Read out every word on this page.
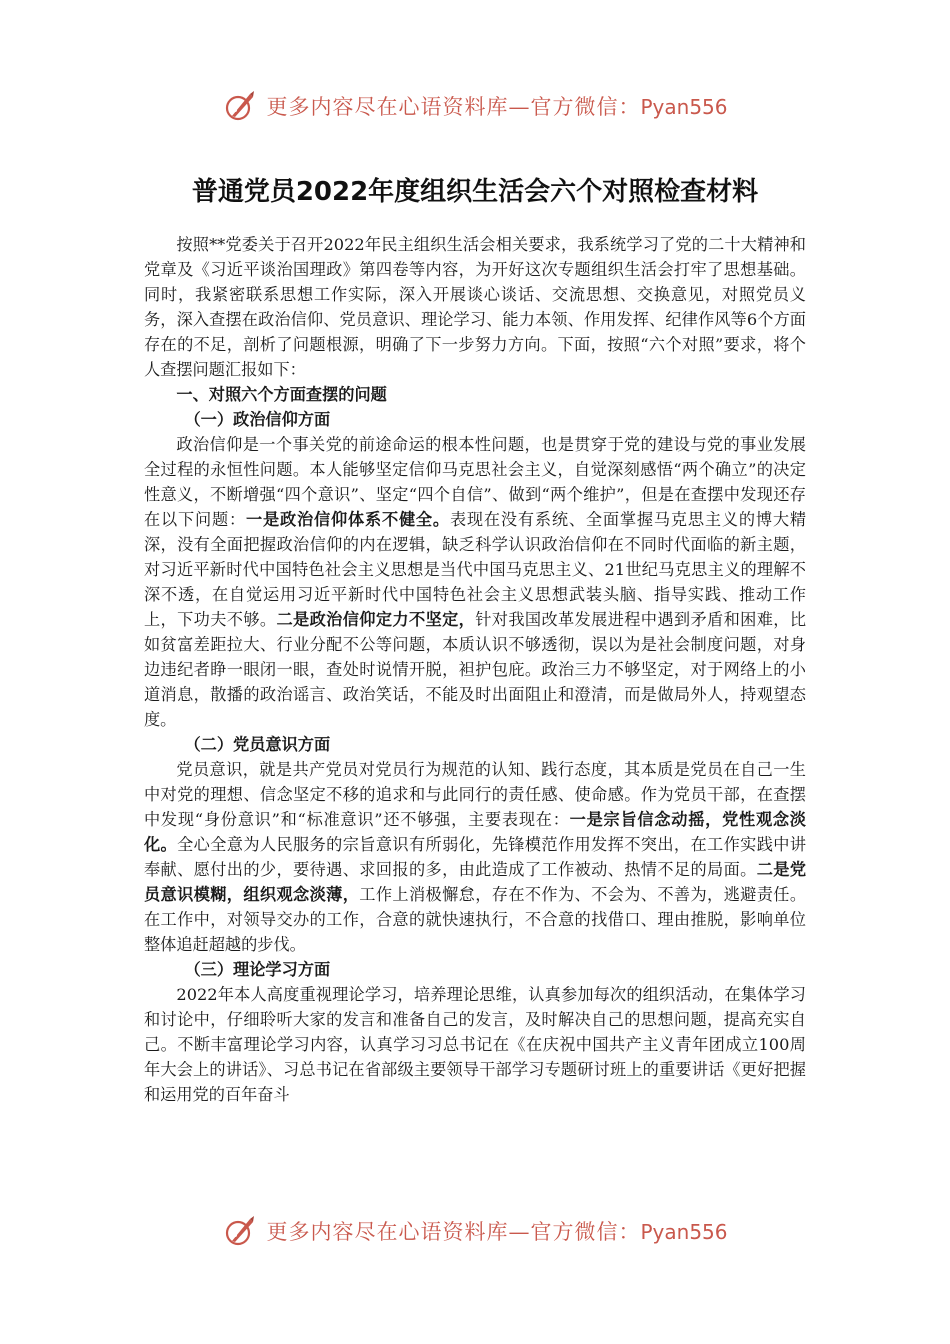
更多内容尽在心语资料库—官方微信：Pyan556
普通党员2022年度组织生活会六个对照检查材料

按照**党委关于召开2022年民主组织生活会相关要求，我系统学习了党的二十大精神和党章及《习近平谈治国理政》第四卷等内容，为开好这次专题组织生活会打牢了思想基础。同时，我紧密联系思想工作实际，深入开展谈心谈话、交流思想、交换意见，对照党员义务，深入查摆在政治信仰、党员意识、理论学习、能力本领、作用发挥、纪律作风等6个方面存在的不足，剖析了问题根源，明确了下一步努力方向。下面，按照“六个对照”要求，将个人查摆问题汇报如下：

一、对照六个方面查摆的问题
（一）政治信仰方面

政治信仰是一个事关党的前途命运的根本性问题，也是贯穿于党的建设与党的事业发展全过程的永恒性问题。本人能够坚定信仰马克思社会主义，自觉深刻感悟“两个确立”的决定性意义，不断增强“四个意识”、坚定“四个自信”、做到“两个维护”，但是在查摆中发现还存在以下问题：一是政治信仰体系不健全。表现在没有系统、全面掌握马克思主义的博大精深，没有全面把握政治信仰的内在逻辑，缺乏科学认识政治信仰在不同时代面临的新主题，对习近平新时代中国特色社会主义思想是当代中国马克思主义、21世纪马克思主义的理解不深不透，在自觉运用习近平新时代中国特色社会主义思想武装头脑、指导实践、推动工作上，下功夫不够。二是政治信仰定力不坚定，针对我国改革发展进程中遇到矛盾和困难，比如贫富差距拉大、行业分配不公等问题，本质认识不够透彻，误以为是社会制度问题，对身边违纪者睁一眼闭一眼，查处时说情开脱，袒护包庇。政治三力不够坚定，对于网络上的小道消息，散播的政治谣言、政治笑话，不能及时出面阻止和澄清，而是做局外人，持观望态度。

（二）党员意识方面

党员意识，就是共产党员对党员行为规范的认知、践行态度，其本质是党员在自己一生中对党的理想、信念坚定不移的追求和与此同行的责任感、使命感。作为党员干部，在查摆中发现“身份意识”和“标准意识”还不够强，主要表现在：一是宗旨信念动摇，党性观念淡化。全心全意为人民服务的宗旨意识有所弱化，先锋模范作用发挥不突出，在工作实践中讲奉献、愿付出的少，要待遇、求回报的多，由此造成了工作被动、热情不足的局面。二是党员意识模糊，组织观念淡薄，工作上消极懈怠，存在不作为、不会为、不善为，逃避责任。在工作中，对领导交办的工作，合意的就快速执行，不合意的找借口、理由推脱，影响单位整体追赶超越的步伐。

（三）理论学习方面

2022年本人高度重视理论学习，培养理论思维，认真参加每次的组织活动，在集体学习和讨论中，仔细聆听大家的发言和准备自己的发言，及时解决自己的思想问题，提高充实自己。不断丰富理论学习内容，认真学习习总书记在《在庆祝中国共产主义青年团成立100周年大会上的讲话》、习总书记在省部级主要领导干部学习专题研讨班上的重要讲话《更好把握和运用党的百年奋斗

更多内容尽在心语资料库—官方微信：Pyan556
